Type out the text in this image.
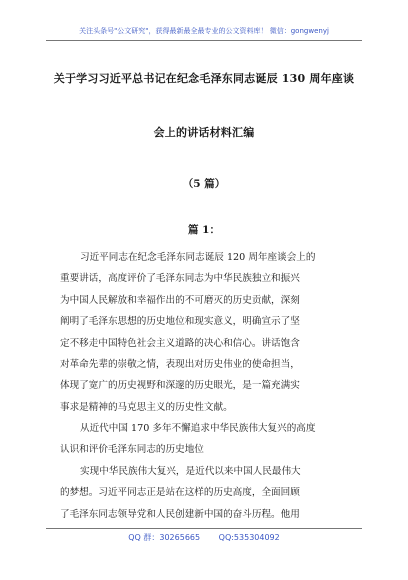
关注头条号"公文研究"，获得最新最全最专业的公文资料库！ 微信：gongwenyj
关于学习习近平总书记在纪念毛泽东同志诞辰 130 周年座谈
会上的讲话材料汇编
（5 篇）
篇 1：
习近平同志在纪念毛泽东同志诞辰 120 周年座谈会上的
重要讲话，高度评价了毛泽东同志为中华民族独立和振兴
为中国人民解放和幸福作出的不可磨灭的历史贡献，深刻
阐明了毛泽东思想的历史地位和现实意义，明确宣示了坚
定不移走中国特色社会主义道路的决心和信心。讲话饱含
对革命先辈的崇敬之情，表现出对历史伟业的使命担当，
体现了宽广的历史视野和深邃的历史眼光，是一篇充满实
事求是精神的马克思主义的历史性文献。
从近代中国 170 多年不懈追求中华民族伟大复兴的高度
认识和评价毛泽东同志的历史地位
实现中华民族伟大复兴，是近代以来中国人民最伟大
的梦想。习近平同志正是站在这样的历史高度，全面回顾
了毛泽东同志领导党和人民创建新中国的奋斗历程。他用
QQ 群：30265665 QQ:535304092
